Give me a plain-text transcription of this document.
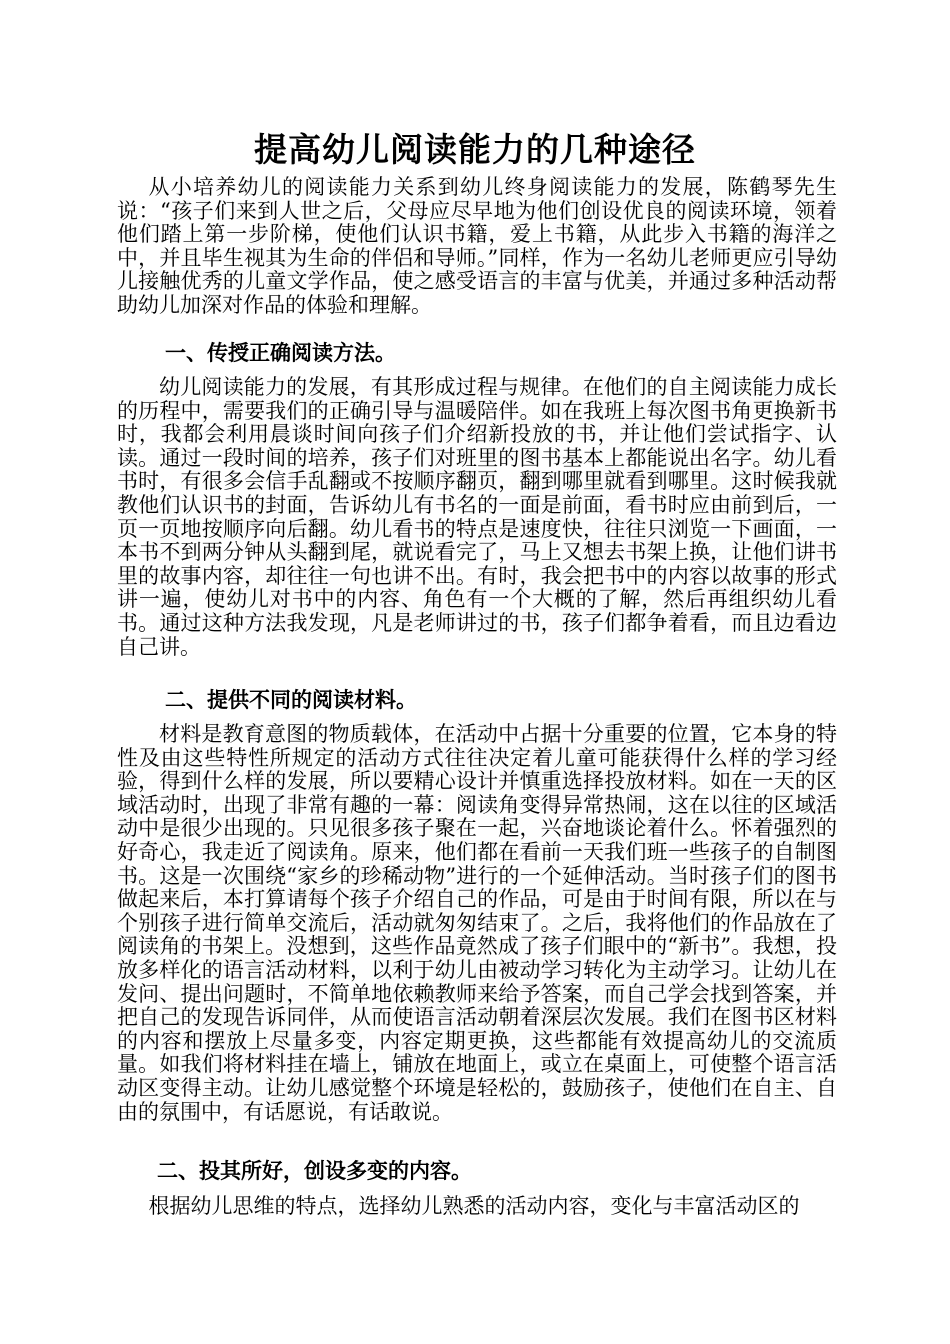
提高幼儿阅读能力的几种途径

从小培养幼儿的阅读能力关系到幼儿终身阅读能力的发展，陈鹤琴先生说：“孩子们来到人世之后，父母应尽早地为他们创设优良的阅读环境，领着他们踏上第一步阶梯，使他们认识书籍，爱上书籍，从此步入书籍的海洋之中，并且毕生视其为生命的伴侣和导师。”同样，作为一名幼儿老师更应引导幼儿接触优秀的儿童文学作品，使之感受语言的丰富与优美，并通过多种活动帮助幼儿加深对作品的体验和理解。

一、传授正确阅读方法。

幼儿阅读能力的发展，有其形成过程与规律。在他们的自主阅读能力成长的历程中，需要我们的正确引导与温暖陪伴。如在我班上每次图书角更换新书时，我都会利用晨谈时间向孩子们介绍新投放的书，并让他们尝试指字、认读。通过一段时间的培养，孩子们对班里的图书基本上都能说出名字。幼儿看书时，有很多会信手乱翻或不按顺序翻页，翻到哪里就看到哪里。这时候我就教他们认识书的封面，告诉幼儿有书名的一面是前面，看书时应由前到后，一页一页地按顺序向后翻。幼儿看书的特点是速度快，往往只浏览一下画面，一本书不到两分钟从头翻到尾，就说看完了，马上又想去书架上换，让他们讲书里的故事内容，却往往一句也讲不出。有时，我会把书中的内容以故事的形式讲一遍，使幼儿对书中的内容、角色有一个大概的了解，然后再组织幼儿看书。通过这种方法我发现，凡是老师讲过的书，孩子们都争着看，而且边看边自己讲。

二、提供不同的阅读材料。

材料是教育意图的物质载体，在活动中占据十分重要的位置，它本身的特性及由这些特性所规定的活动方式往往决定着儿童可能获得什么样的学习经验，得到什么样的发展，所以要精心设计并慎重选择投放材料。如在一天的区域活动时，出现了非常有趣的一幕：阅读角变得异常热闹，这在以往的区域活动中是很少出现的。只见很多孩子聚在一起，兴奋地谈论着什么。怀着强烈的好奇心，我走近了阅读角。原来，他们都在看前一天我们班一些孩子的自制图书。这是一次围绕“家乡的珍稀动物”进行的一个延伸活动。当时孩子们的图书做起来后，本打算请每个孩子介绍自己的作品，可是由于时间有限，所以在与个别孩子进行简单交流后，活动就匆匆结束了。之后，我将他们的作品放在了阅读角的书架上。没想到，这些作品竟然成了孩子们眼中的“新书”。我想，投放多样化的语言活动材料，以利于幼儿由被动学习转化为主动学习。让幼儿在发问、提出问题时，不简单地依赖教师来给予答案，而自己学会找到答案，并把自己的发现告诉同伴，从而使语言活动朝着深层次发展。我们在图书区材料的内容和摆放上尽量多变，内容定期更换，这些都能有效提高幼儿的交流质量。如我们将材料挂在墙上，铺放在地面上，或立在桌面上，可使整个语言活动区变得主动。让幼儿感觉整个环境是轻松的，鼓励孩子，使他们在自主、自由的氛围中，有话愿说，有话敢说。

二、投其所好，创设多变的内容。

根据幼儿思维的特点，选择幼儿熟悉的活动内容，变化与丰富活动区的
